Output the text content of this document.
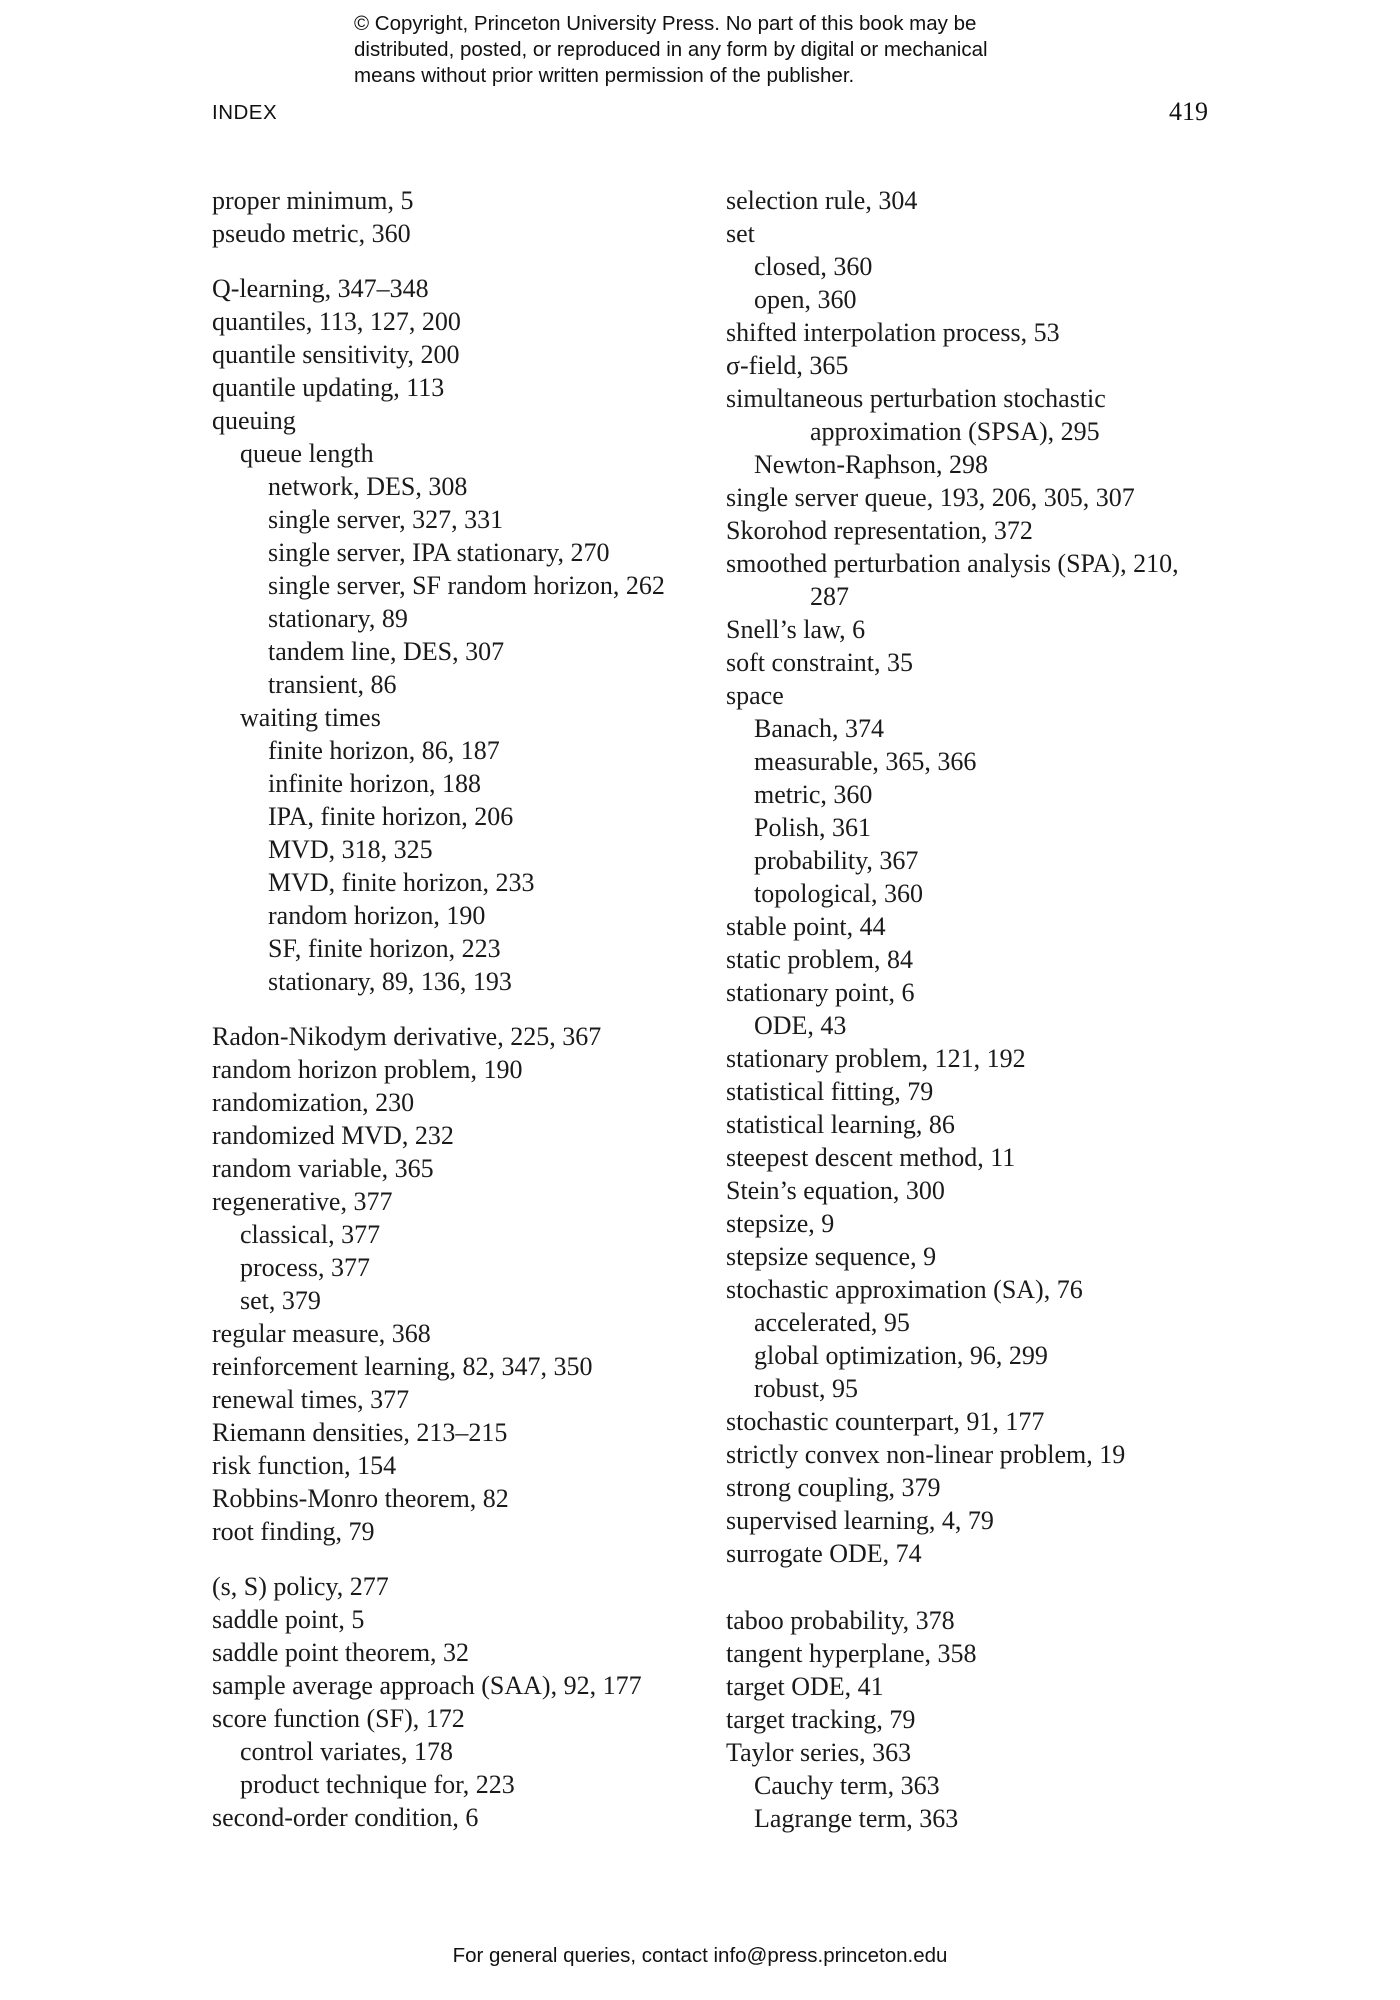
© Copyright, Princeton University Press. No part of this book may be
distributed, posted, or reproduced in any form by digital or mechanical
means without prior written permission of the publisher.
INDEX	419
proper minimum, 5
pseudo metric, 360
Q-learning, 347–348
quantiles, 113, 127, 200
quantile sensitivity, 200
quantile updating, 113
queuing
queue length
network, DES, 308
single server, 327, 331
single server, IPA stationary, 270
single server, SF random horizon, 262
stationary, 89
tandem line, DES, 307
transient, 86
waiting times
finite horizon, 86, 187
infinite horizon, 188
IPA, finite horizon, 206
MVD, 318, 325
MVD, finite horizon, 233
random horizon, 190
SF, finite horizon, 223
stationary, 89, 136, 193
Radon-Nikodym derivative, 225, 367
random horizon problem, 190
randomization, 230
randomized MVD, 232
random variable, 365
regenerative, 377
classical, 377
process, 377
set, 379
regular measure, 368
reinforcement learning, 82, 347, 350
renewal times, 377
Riemann densities, 213–215
risk function, 154
Robbins-Monro theorem, 82
root finding, 79
(s, S) policy, 277
saddle point, 5
saddle point theorem, 32
sample average approach (SAA), 92, 177
score function (SF), 172
control variates, 178
product technique for, 223
second-order condition, 6
selection rule, 304
set
closed, 360
open, 360
shifted interpolation process, 53
σ-field, 365
simultaneous perturbation stochastic
approximation (SPSA), 295
Newton-Raphson, 298
single server queue, 193, 206, 305, 307
Skorohod representation, 372
smoothed perturbation analysis (SPA), 210,
287
Snell’s law, 6
soft constraint, 35
space
Banach, 374
measurable, 365, 366
metric, 360
Polish, 361
probability, 367
topological, 360
stable point, 44
static problem, 84
stationary point, 6
ODE, 43
stationary problem, 121, 192
statistical fitting, 79
statistical learning, 86
steepest descent method, 11
Stein’s equation, 300
stepsize, 9
stepsize sequence, 9
stochastic approximation (SA), 76
accelerated, 95
global optimization, 96, 299
robust, 95
stochastic counterpart, 91, 177
strictly convex non-linear problem, 19
strong coupling, 379
supervised learning, 4, 79
surrogate ODE, 74
taboo probability, 378
tangent hyperplane, 358
target ODE, 41
target tracking, 79
Taylor series, 363
Cauchy term, 363
Lagrange term, 363
For general queries, contact info@press.princeton.edu
